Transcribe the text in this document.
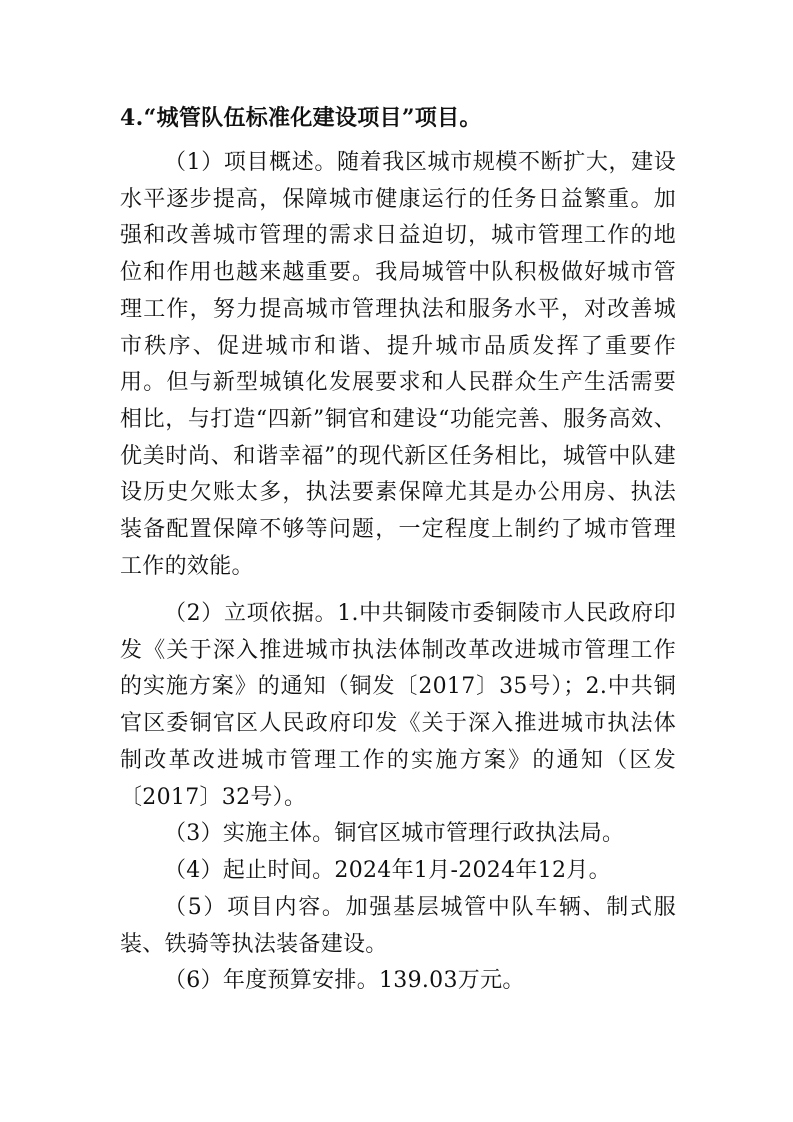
4.“城管队伍标准化建设项目”项目。

（1）项目概述。随着我区城市规模不断扩大，建设水平逐步提高，保障城市健康运行的任务日益繁重。加强和改善城市管理的需求日益迫切，城市管理工作的地位和作用也越来越重要。我局城管中队积极做好城市管理工作，努力提高城市管理执法和服务水平，对改善城市秩序、促进城市和谐、提升城市品质发挥了重要作用。但与新型城镇化发展要求和人民群众生产生活需要相比，与打造“四新”铜官和建设“功能完善、服务高效、优美时尚、和谐幸福”的现代新区任务相比，城管中队建设历史欠账太多，执法要素保障尤其是办公用房、执法装备配置保障不够等问题，一定程度上制约了城市管理工作的效能。

（2）立项依据。1.中共铜陵市委铜陵市人民政府印发《关于深入推进城市执法体制改革改进城市管理工作的实施方案》的通知（铜发〔2017〕35号）；2.中共铜官区委铜官区人民政府印发《关于深入推进城市执法体制改革改进城市管理工作的实施方案》的通知（区发〔2017〕32号）。

（3）实施主体。铜官区城市管理行政执法局。

（4）起止时间。2024年1月-2024年12月。

（5）项目内容。加强基层城管中队车辆、制式服装、铁骑等执法装备建设。

（6）年度预算安排。139.03万元。
